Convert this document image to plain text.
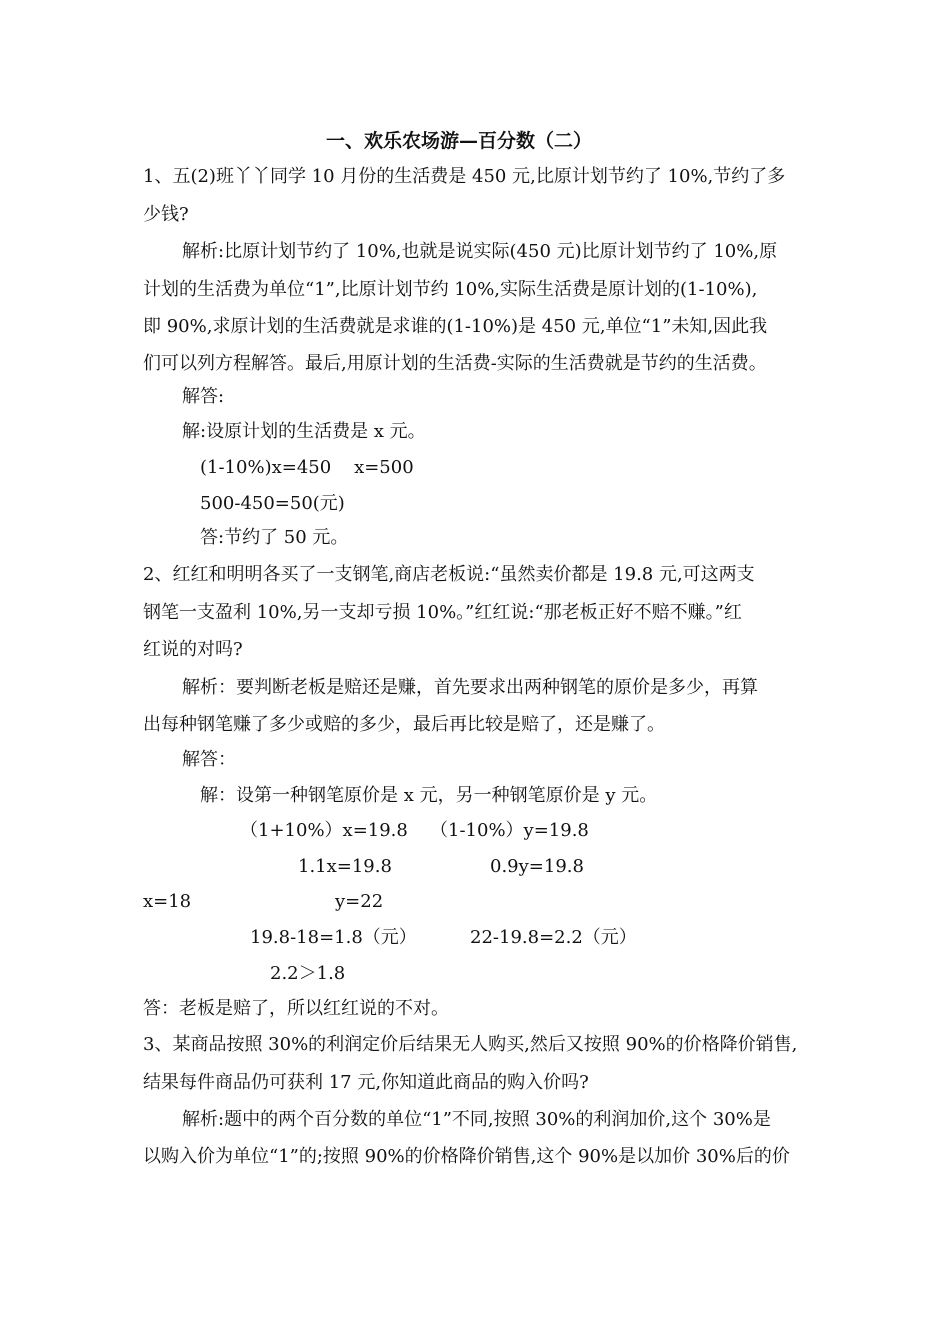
一、欢乐农场游—百分数（二）
1、五(2)班丫丫同学 10 月份的生活费是 450 元,比原计划节约了 10%,节约了多
少钱?
解析:比原计划节约了 10%,也就是说实际(450 元)比原计划节约了 10%,原
计划的生活费为单位“1”,比原计划节约 10%,实际生活费是原计划的(1-10%),
即 90%,求原计划的生活费就是求谁的(1-10%)是 450 元,单位“1”未知,因此我
们可以列方程解答。最后,用原计划的生活费-实际的生活费就是节约的生活费。
解答:
解:设原计划的生活费是 x 元。
(1-10%)x=450    x=500
500-450=50(元)
答:节约了 50 元。
2、红红和明明各买了一支钢笔,商店老板说:“虽然卖价都是 19.8 元,可这两支
钢笔一支盈利 10%,另一支却亏损 10%。”红红说:“那老板正好不赔不赚。”红
红说的对吗?
解析：要判断老板是赔还是赚，首先要求出两种钢笔的原价是多少，再算
出每种钢笔赚了多少或赔的多少，最后再比较是赔了，还是赚了。
解答：
解：设第一种钢笔原价是 x 元，另一种钢笔原价是 y 元。
（1+10%）x=19.8 （1-10%）y=19.8
1.1x=19.8	0.9y=19.8
x=18	y=22
19.8-18=1.8（元）	22-19.8=2.2（元）
2.2＞1.8
答：老板是赔了，所以红红说的不对。
3、某商品按照 30%的利润定价后结果无人购买,然后又按照 90%的价格降价销售,
结果每件商品仍可获利 17 元,你知道此商品的购入价吗?
解析:题中的两个百分数的单位“1”不同,按照 30%的利润加价,这个 30%是
以购入价为单位“1”的;按照 90%的价格降价销售,这个 90%是以加价 30%后的价
